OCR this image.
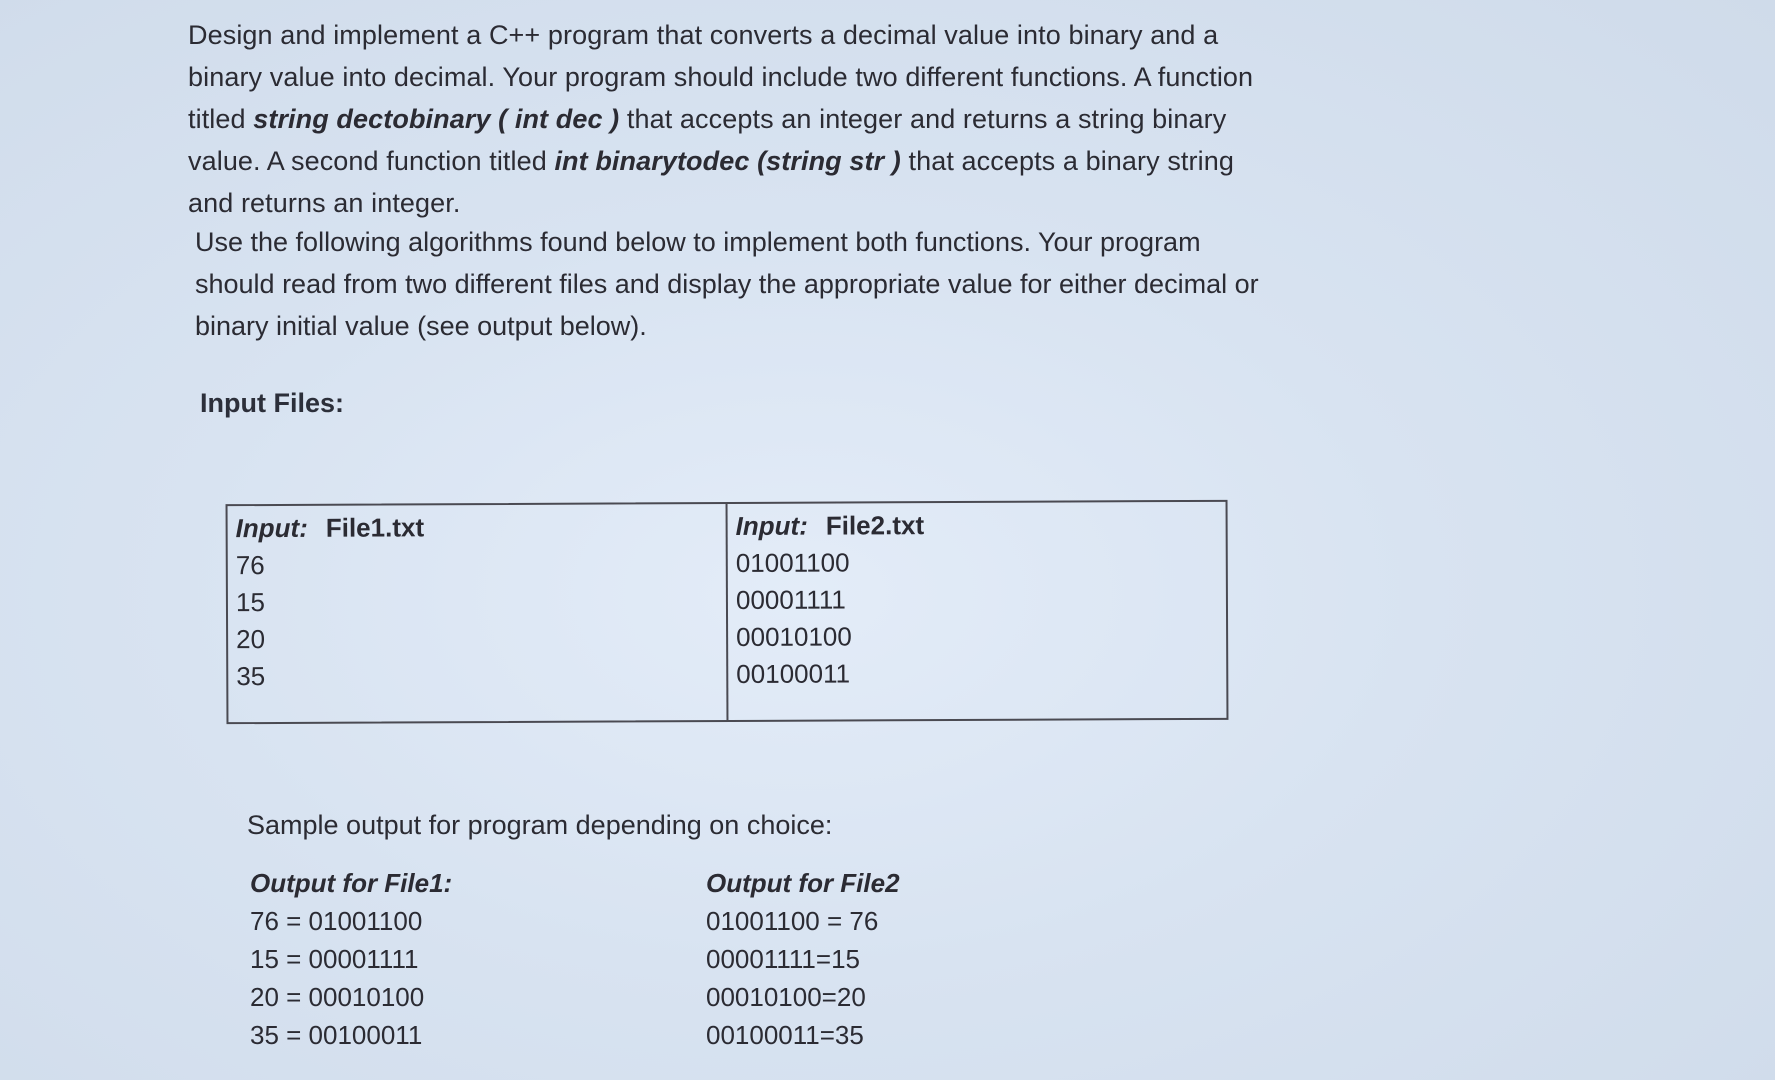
Design and implement a C++ program that converts a decimal value into binary and a
binary value into decimal. Your program should include two different functions. A function
titled string dectobinary ( int dec ) that accepts an integer and returns a string binary
value. A second function titled int binarytodec (string str ) that accepts a binary string
and returns an integer.
Use the following algorithms found below to implement both functions. Your program
should read from two different files and display the appropriate value for either decimal or
binary initial value (see output below).
Input Files:
Input: File1.txt
76
15
20
35
Input: File2.txt
01001100
00001111
00010100
00100011
Sample output for program depending on choice:
Output for File1:
76 = 01001100
15 = 00001111
20 = 00010100
35 = 00100011
Output for File2
01001100 = 76
00001111=15
00010100=20
00100011=35
